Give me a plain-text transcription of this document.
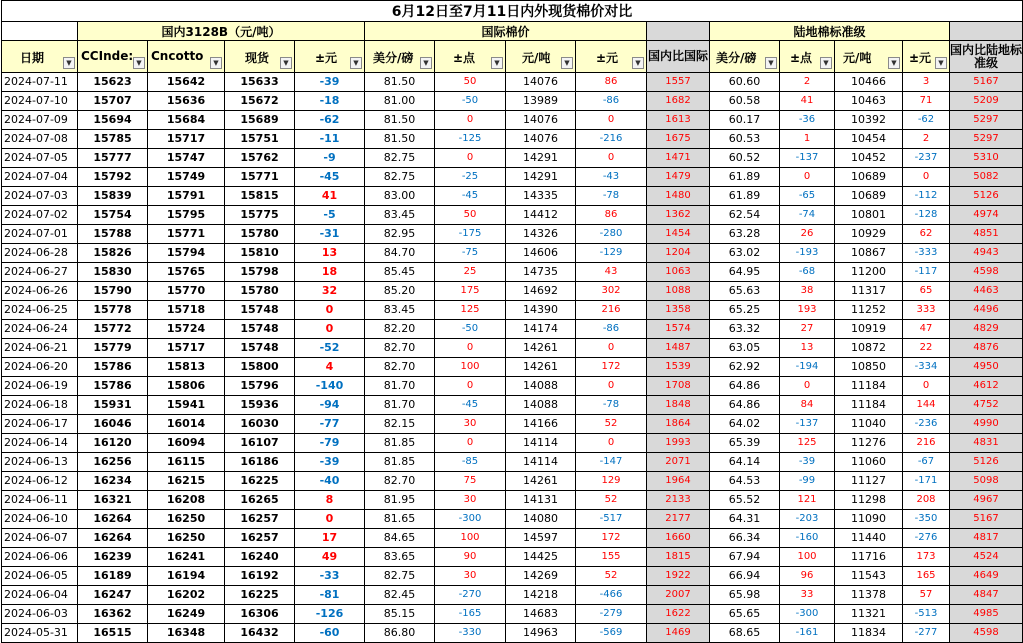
6月12日至7月11日内外现货棉价对比														
	国内3128B（元/吨）				国际棉价					陆地棉标准级				

日期 ▼	CCInde: ▼	Cncotto ▼	现货 ▼	±元 ▼	美分/磅 ▼	±点 ▼	元/吨 ▼	±元 ▼	国内比国际	美分/磅 ▼	±点 ▼	元/吨 ▼	±元 ▼	国内比陆地标准级
2024-07-11	15623	15642	15633	-39	81.50	50	14076	86	1557	60.60	2	10466	3	5167
2024-07-10	15707	15636	15672	-18	81.00	-50	13989	-86	1682	60.58	41	10463	71	5209
2024-07-09	15694	15684	15689	-62	81.50	0	14076	0	1613	60.17	-36	10392	-62	5297
2024-07-08	15785	15717	15751	-11	81.50	-125	14076	-216	1675	60.53	1	10454	2	5297
2024-07-05	15777	15747	15762	-9	82.75	0	14291	0	1471	60.52	-137	10452	-237	5310
2024-07-04	15792	15749	15771	-45	82.75	-25	14291	-43	1479	61.89	0	10689	0	5082
2024-07-03	15839	15791	15815	41	83.00	-45	14335	-78	1480	61.89	-65	10689	-112	5126
2024-07-02	15754	15795	15775	-5	83.45	50	14412	86	1362	62.54	-74	10801	-128	4974
2024-07-01	15788	15771	15780	-31	82.95	-175	14326	-280	1454	63.28	26	10929	62	4851
2024-06-28	15826	15794	15810	13	84.70	-75	14606	-129	1204	63.02	-193	10867	-333	4943
2024-06-27	15830	15765	15798	18	85.45	25	14735	43	1063	64.95	-68	11200	-117	4598
2024-06-26	15790	15770	15780	32	85.20	175	14692	302	1088	65.63	38	11317	65	4463
2024-06-25	15778	15718	15748	0	83.45	125	14390	216	1358	65.25	193	11252	333	4496
2024-06-24	15772	15724	15748	0	82.20	-50	14174	-86	1574	63.32	27	10919	47	4829
2024-06-21	15779	15717	15748	-52	82.70	0	14261	0	1487	63.05	13	10872	22	4876
2024-06-20	15786	15813	15800	4	82.70	100	14261	172	1539	62.92	-194	10850	-334	4950
2024-06-19	15786	15806	15796	-140	81.70	0	14088	0	1708	64.86	0	11184	0	4612
2024-06-18	15931	15941	15936	-94	81.70	-45	14088	-78	1848	64.86	84	11184	144	4752
2024-06-17	16046	16014	16030	-77	82.15	30	14166	52	1864	64.02	-137	11040	-236	4990
2024-06-14	16120	16094	16107	-79	81.85	0	14114	0	1993	65.39	125	11276	216	4831
2024-06-13	16256	16115	16186	-39	81.85	-85	14114	-147	2071	64.14	-39	11060	-67	5126
2024-06-12	16234	16215	16225	-40	82.70	75	14261	129	1964	64.53	-99	11127	-171	5098
2024-06-11	16321	16208	16265	8	81.95	30	14131	52	2133	65.52	121	11298	208	4967
2024-06-10	16264	16250	16257	0	81.65	-300	14080	-517	2177	64.31	-203	11090	-350	5167
2024-06-07	16264	16250	16257	17	84.65	100	14597	172	1660	66.34	-160	11440	-276	4817
2024-06-06	16239	16241	16240	49	83.65	90	14425	155	1815	67.94	100	11716	173	4524
2024-06-05	16189	16194	16192	-33	82.75	30	14269	52	1922	66.94	96	11543	165	4649
2024-06-04	16247	16202	16225	-81	82.45	-270	14218	-466	2007	65.98	33	11378	57	4847
2024-06-03	16362	16249	16306	-126	85.15	-165	14683	-279	1622	65.65	-300	11321	-513	4985
2024-05-31	16515	16348	16432	-60	86.80	-330	14963	-569	1469	68.65	-161	11834	-277	4598
